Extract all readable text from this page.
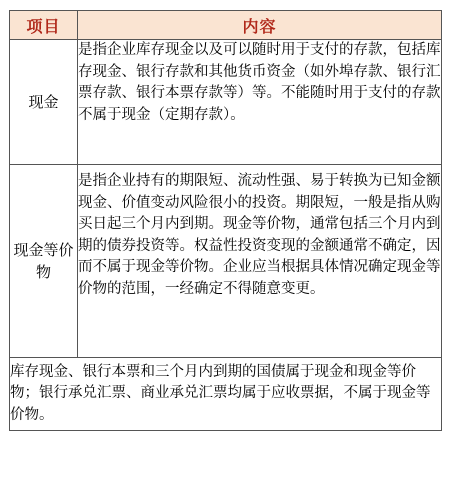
项目	内容
现金	是指企业库存现金以及可以随时用于支付的存款，包括库存现金、银行存款和其他货币资金（如外埠存款、银行汇票存款、银行本票存款等）等。不能随时用于支付的存款不属于现金（定期存款）。
现金等价物	是指企业持有的期限短、流动性强、易于转换为已知金额现金、价值变动风险很小的投资。期限短，一般是指从购买日起三个月内到期。现金等价物，通常包括三个月内到期的债券投资等。权益性投资变现的金额通常不确定，因而不属于现金等价物。企业应当根据具体情况确定现金等价物的范围，一经确定不得随意变更。
库存现金、银行本票和三个月内到期的国债属于现金和现金等价物；银行承兑汇票、商业承兑汇票均属于应收票据，不属于现金等价物。	
